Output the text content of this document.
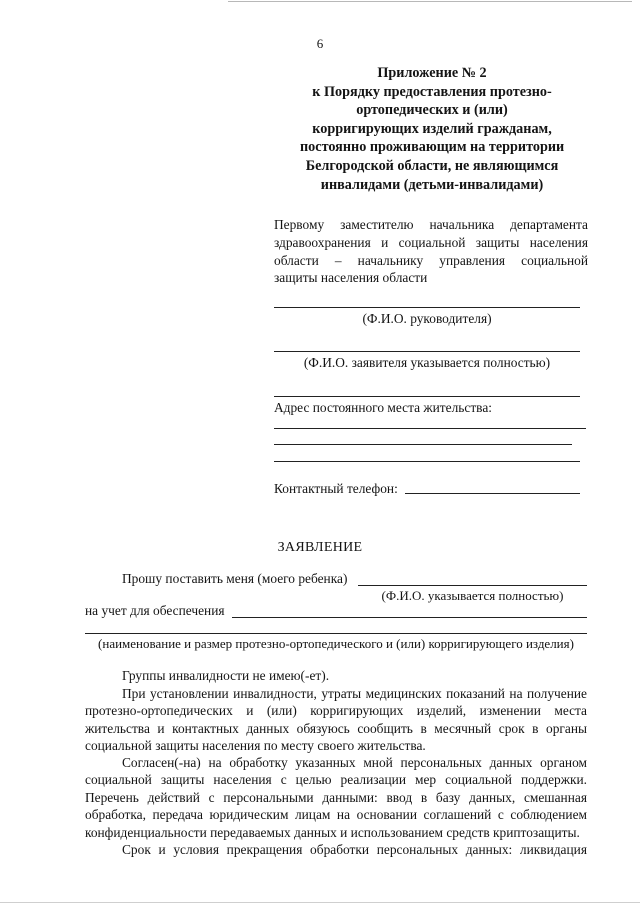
6
Приложение № 2
к Порядку предоставления протезно-
ортопедических и (или)
корригирующих изделий гражданам,
постоянно проживающим на территории
Белгородской области, не являющимся
инвалидами (детьми-инвалидами)
Первому заместителю начальника департамента
здравоохранения и социальной защиты населения
области – начальнику управления социальной
защиты населения области
(Ф.И.О. руководителя)
(Ф.И.О. заявителя указывается полностью)
Адрес постоянного места жительства:
Контактный телефон:
ЗАЯВЛЕНИЕ
Прошу поставить меня (моего ребенка)
(Ф.И.О. указывается полностью)
на учет для обеспечения
(наименование и размер протезно-ортопедического и (или) корригирующего изделия)
Группы инвалидности не имею(-ет).
При установлении инвалидности, утраты медицинских показаний на получение
протезно-ортопедических и (или) корригирующих изделий, изменении места
жительства и контактных данных обязуюсь сообщить в месячный срок в органы
социальной защиты населения по месту своего жительства.
Согласен(-на) на обработку указанных мной персональных данных органом
социальной защиты населения с целью реализации мер социальной поддержки.
Перечень действий с персональными данными: ввод в базу данных, смешанная
обработка, передача юридическим лицам на основании соглашений с соблюдением
конфиденциальности передаваемых данных и использованием средств криптозащиты.
Срок и условия прекращения обработки персональных данных: ликвидация
